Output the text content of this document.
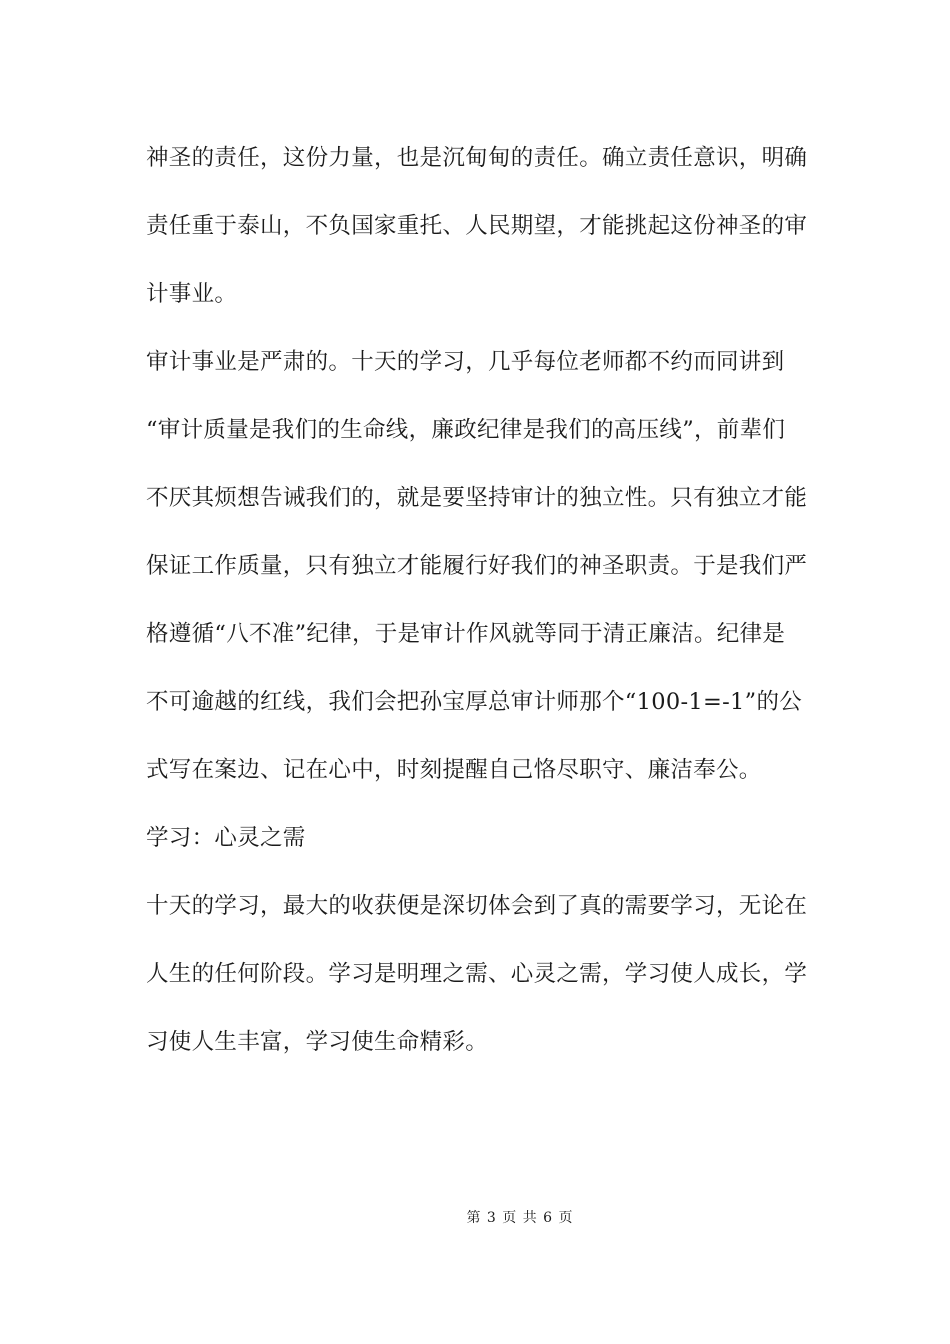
神圣的责任，这份力量，也是沉甸甸的责任。确立责任意识，明确
责任重于泰山，不负国家重托、人民期望，才能挑起这份神圣的审
计事业。
审计事业是严肃的。十天的学习，几乎每位老师都不约而同讲到
“审计质量是我们的生命线，廉政纪律是我们的高压线”，前辈们
不厌其烦想告诫我们的，就是要坚持审计的独立性。只有独立才能
保证工作质量，只有独立才能履行好我们的神圣职责。于是我们严
格遵循“八不准”纪律，于是审计作风就等同于清正廉洁。纪律是
不可逾越的红线，我们会把孙宝厚总审计师那个“100-1=-1”的公
式写在案边、记在心中，时刻提醒自己恪尽职守、廉洁奉公。
学习：心灵之需
十天的学习，最大的收获便是深切体会到了真的需要学习，无论在
人生的任何阶段。学习是明理之需、心灵之需，学习使人成长，学
习使人生丰富，学习使生命精彩。
第 3 页 共 6 页
